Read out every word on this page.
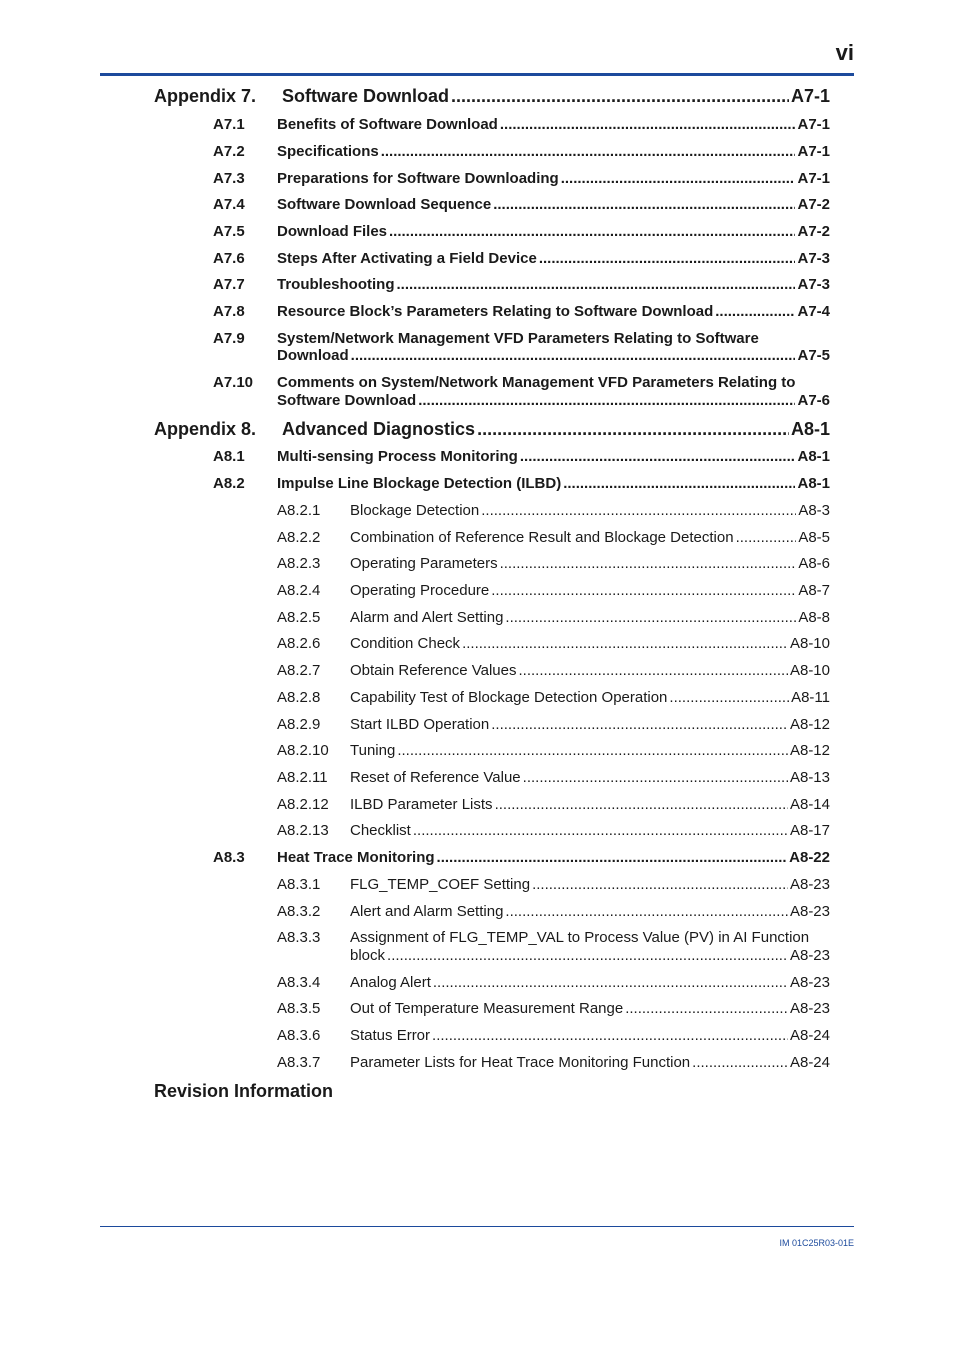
vi
Appendix 7.	Software Download .....	A7-1
A7.1	Benefits of Software Download .....	A7-1
A7.2	Specifications .....	A7-1
A7.3	Preparations for Software Downloading .....	A7-1
A7.4	Software Download Sequence .....	A7-2
A7.5	Download Files .....	A7-2
A7.6	Steps After Activating a Field Device .....	A7-3
A7.7	Troubleshooting .....	A7-3
A7.8	Resource Block’s Parameters Relating to Software Download .....	A7-4
A7.9	System/Network Management VFD Parameters Relating to Software
Download .....	A7-5
A7.10	Comments on System/Network Management VFD Parameters Relating to
Software Download .....	A7-6
Appendix 8.	Advanced Diagnostics .....	A8-1
A8.1	Multi-sensing Process Monitoring .....	A8-1
A8.2	Impulse Line Blockage Detection (ILBD) .....	A8-1
A8.2.1	Blockage Detection .....	A8-3
A8.2.2	Combination of Reference Result and Blockage Detection .....	A8-5
A8.2.3	Operating Parameters .....	A8-6
A8.2.4	Operating Procedure .....	A8-7
A8.2.5	Alarm and Alert Setting .....	A8-8
A8.2.6	Condition Check .....	A8-10
A8.2.7	Obtain Reference Values .....	A8-10
A8.2.8	Capability Test of Blockage Detection Operation .....	A8-11
A8.2.9	Start ILBD Operation .....	A8-12
A8.2.10	Tuning .....	A8-12
A8.2.11	Reset of Reference Value .....	A8-13
A8.2.12	ILBD Parameter Lists .....	A8-14
A8.2.13	Checklist .....	A8-17
A8.3	Heat Trace Monitoring .....	A8-22
A8.3.1	FLG_TEMP_COEF Setting .....	A8-23
A8.3.2	Alert and Alarm Setting .....	A8-23
A8.3.3	Assignment of FLG_TEMP_VAL to Process Value (PV) in AI Function
block .....	A8-23
A8.3.4	Analog Alert .....	A8-23
A8.3.5	Out of Temperature Measurement Range .....	A8-23
A8.3.6	Status Error .....	A8-24
A8.3.7	Parameter Lists for Heat Trace Monitoring Function .....	A8-24
Revision Information
IM 01C25R03-01E
